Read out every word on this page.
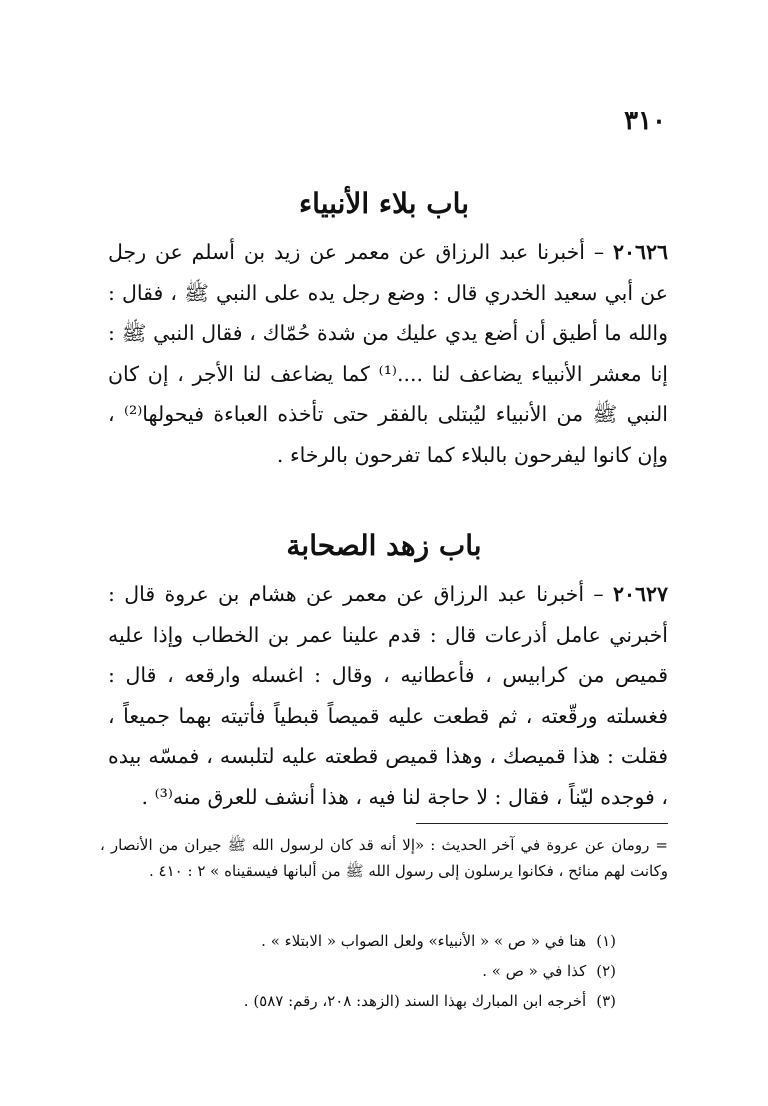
٣١٠
باب بلاء الأنبياء

٢٠٦٢٦ – أخبرنا عبد الرزاق عن معمر عن زيد بن أسلم عن رجل عن أبي سعيد الخدري قال : وضع رجل يده على النبي ﷺ ، فقال : والله ما أطيق أن أضع يدي عليك من شدة حُمّاك ، فقال النبي ﷺ : إنا معشر الأنبياء يضاعف لنا ....⁽¹⁾ كما يضاعف لنا الأجر ، إن كان النبي ﷺ من الأنبياء ليُبتلى بالفقر حتى تأخذه العباءة فيحولها⁽²⁾ ، وإن كانوا ليفرحون بالبلاء كما تفرحون بالرخاء .

باب زهد الصحابة

٢٠٦٢٧ – أخبرنا عبد الرزاق عن معمر عن هشام بن عروة قال : أخبرني عامل أذرعات قال : قدم علينا عمر بن الخطاب وإذا عليه قميص من كرابيس ، فأعطانيه ، وقال : اغسله وارقعه ، قال : فغسلته ورقّعته ، ثم قطعت عليه قميصاً قبطياً فأتيته بهما جميعاً ، فقلت : هذا قميصك ، وهذا قميص قطعته عليه لتلبسه ، فمسّه بيده ، فوجده ليّناً ، فقال : لا حاجة لنا فيه ، هذا أنشف للعرق منه⁽³⁾ .

= رومان عن عروة في آخر الحديث : «إلا أنه قد كان لرسول الله ﷺ جيران من الأنصار ، وكانت لهم منائح ، فكانوا يرسلون إلى رسول الله ﷺ من ألبانها فيسقيناه » ٢ : ٤١٠ .

(١)هنا في « ص » « الأنبياء» ولعل الصواب « الابتلاء » .
(٢)كذا في « ص » .
(٣)أخرجه ابن المبارك بهذا السند (الزهد: ٢٠٨، رقم: ٥٨٧) .
